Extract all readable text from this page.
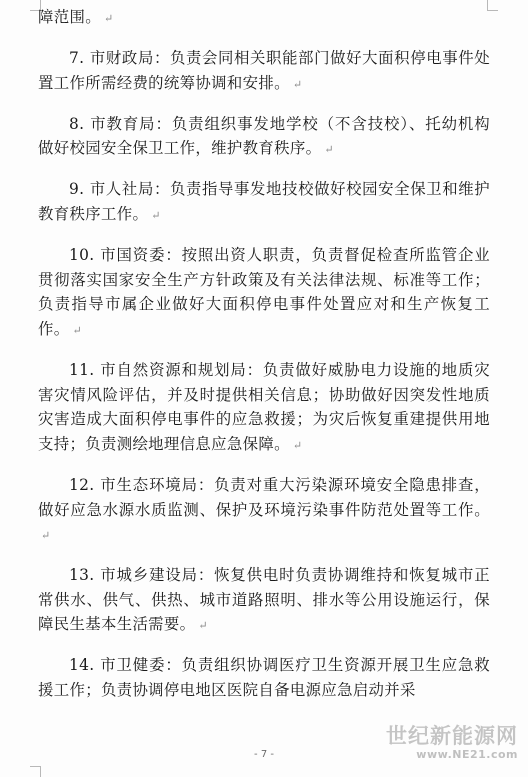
障范围。 ↵

7. 市财政局：负责会同相关职能部门做好大面积停电事件处置工作所需经费的统筹协调和安排。 ↵

8. 市教育局：负责组织事发地学校（不含技校）、托幼机构做好校园安全保卫工作，维护教育秩序。 ↵

9. 市人社局：负责指导事发地技校做好校园安全保卫和维护教育秩序工作。 ↵

10. 市国资委：按照出资人职责，负责督促检查所监管企业贯彻落实国家安全生产方针政策及有关法律法规、标准等工作；负责指导市属企业做好大面积停电事件处置应对和生产恢复工作。 ↵

11. 市自然资源和规划局：负责做好威胁电力设施的地质灾害灾情风险评估，并及时提供相关信息；协助做好因突发性地质灾害造成大面积停电事件的应急救援；为灾后恢复重建提供用地支持；负责测绘地理信息应急保障。 ↵

12. 市生态环境局：负责对重大污染源环境安全隐患排查，做好应急水源水质监测、保护及环境污染事件防范处置等工作。↵

13. 市城乡建设局：恢复供电时负责协调维持和恢复城市正常供水、供气、供热、城市道路照明、排水等公用设施运行，保障民生基本生活需要。 ↵

14. 市卫健委：负责组织协调医疗卫生资源开展卫生应急救援工作；负责协调停电地区医院自备电源应急启动并采

- 7 -
世纪新能源网
www.NE21.com
